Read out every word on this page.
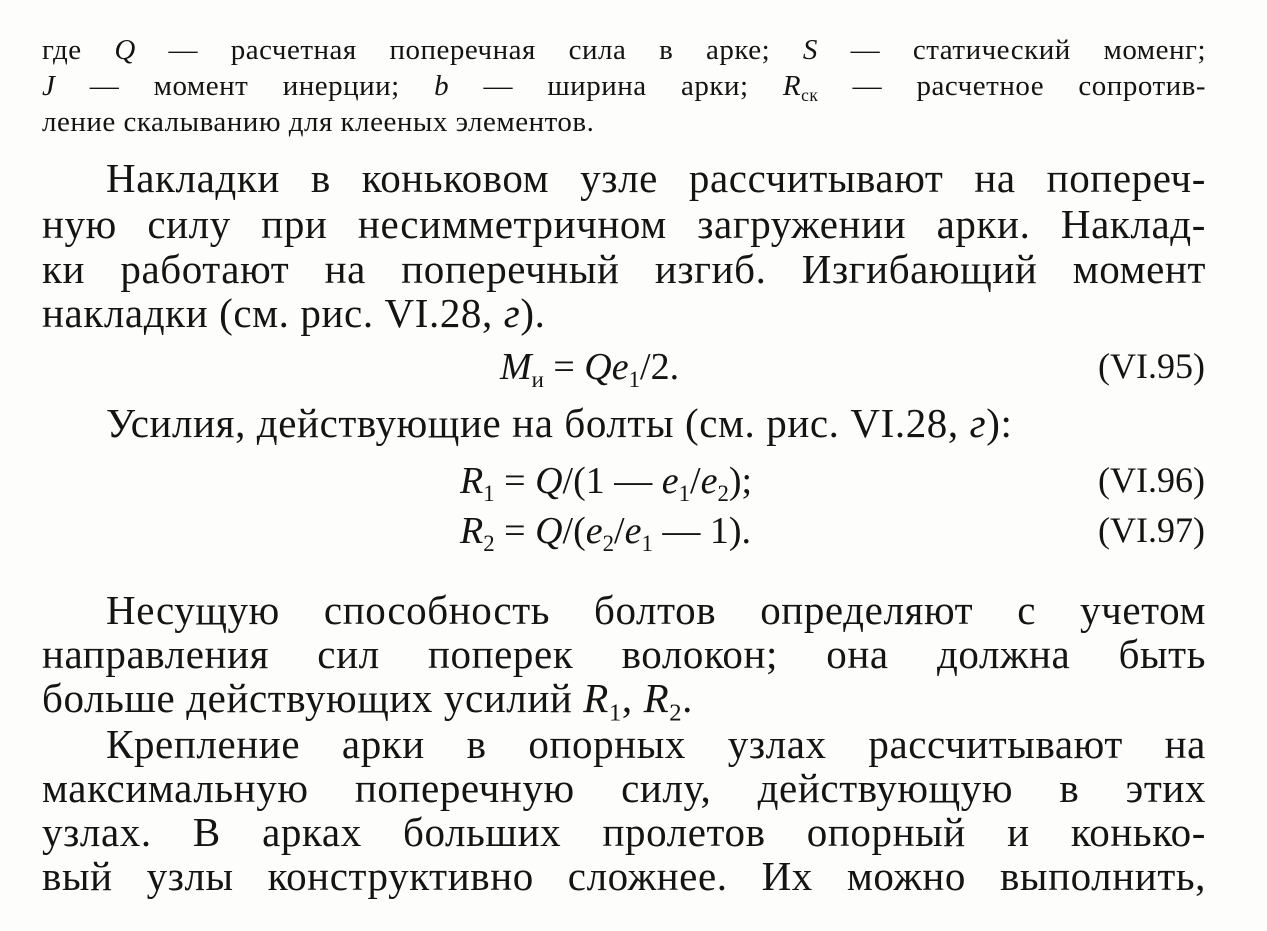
где Q — расчетная поперечная сила в арке; S — статический моменг;
J — момент инерции; b — ширина арки; $R_{ск}$ — расчетное сопротив-
ление скалыванию для клееных элементов.
Накладки в коньковом узле рассчитывают на попереч-
ную силу при несимметричном загружении арки. Наклад-
ки работают на поперечный изгиб. Изгибающий момент
накладки (см. рис. VI.28, г).
$M_и = Qe_1/2$.	(VI.95)
Усилия, действующие на болты (см. рис. VI.28, г):
$R_1 = Q/(1$ — $e_1/e_2$);	(VI.96)
$R_2 = Q/(e_2/e_1$ — 1).	(VI.97)
Несущую способность болтов определяют с учетом
направления сил поперек волокон; она должна быть
больше действующих усилий $R_1$, $R_2$.
Крепление арки в опорных узлах рассчитывают на
максимальную поперечную силу, действующую в этих
узлах. В арках больших пролетов опорный и конько-
вый узлы конструктивно сложнее. Их можно выполнить,
